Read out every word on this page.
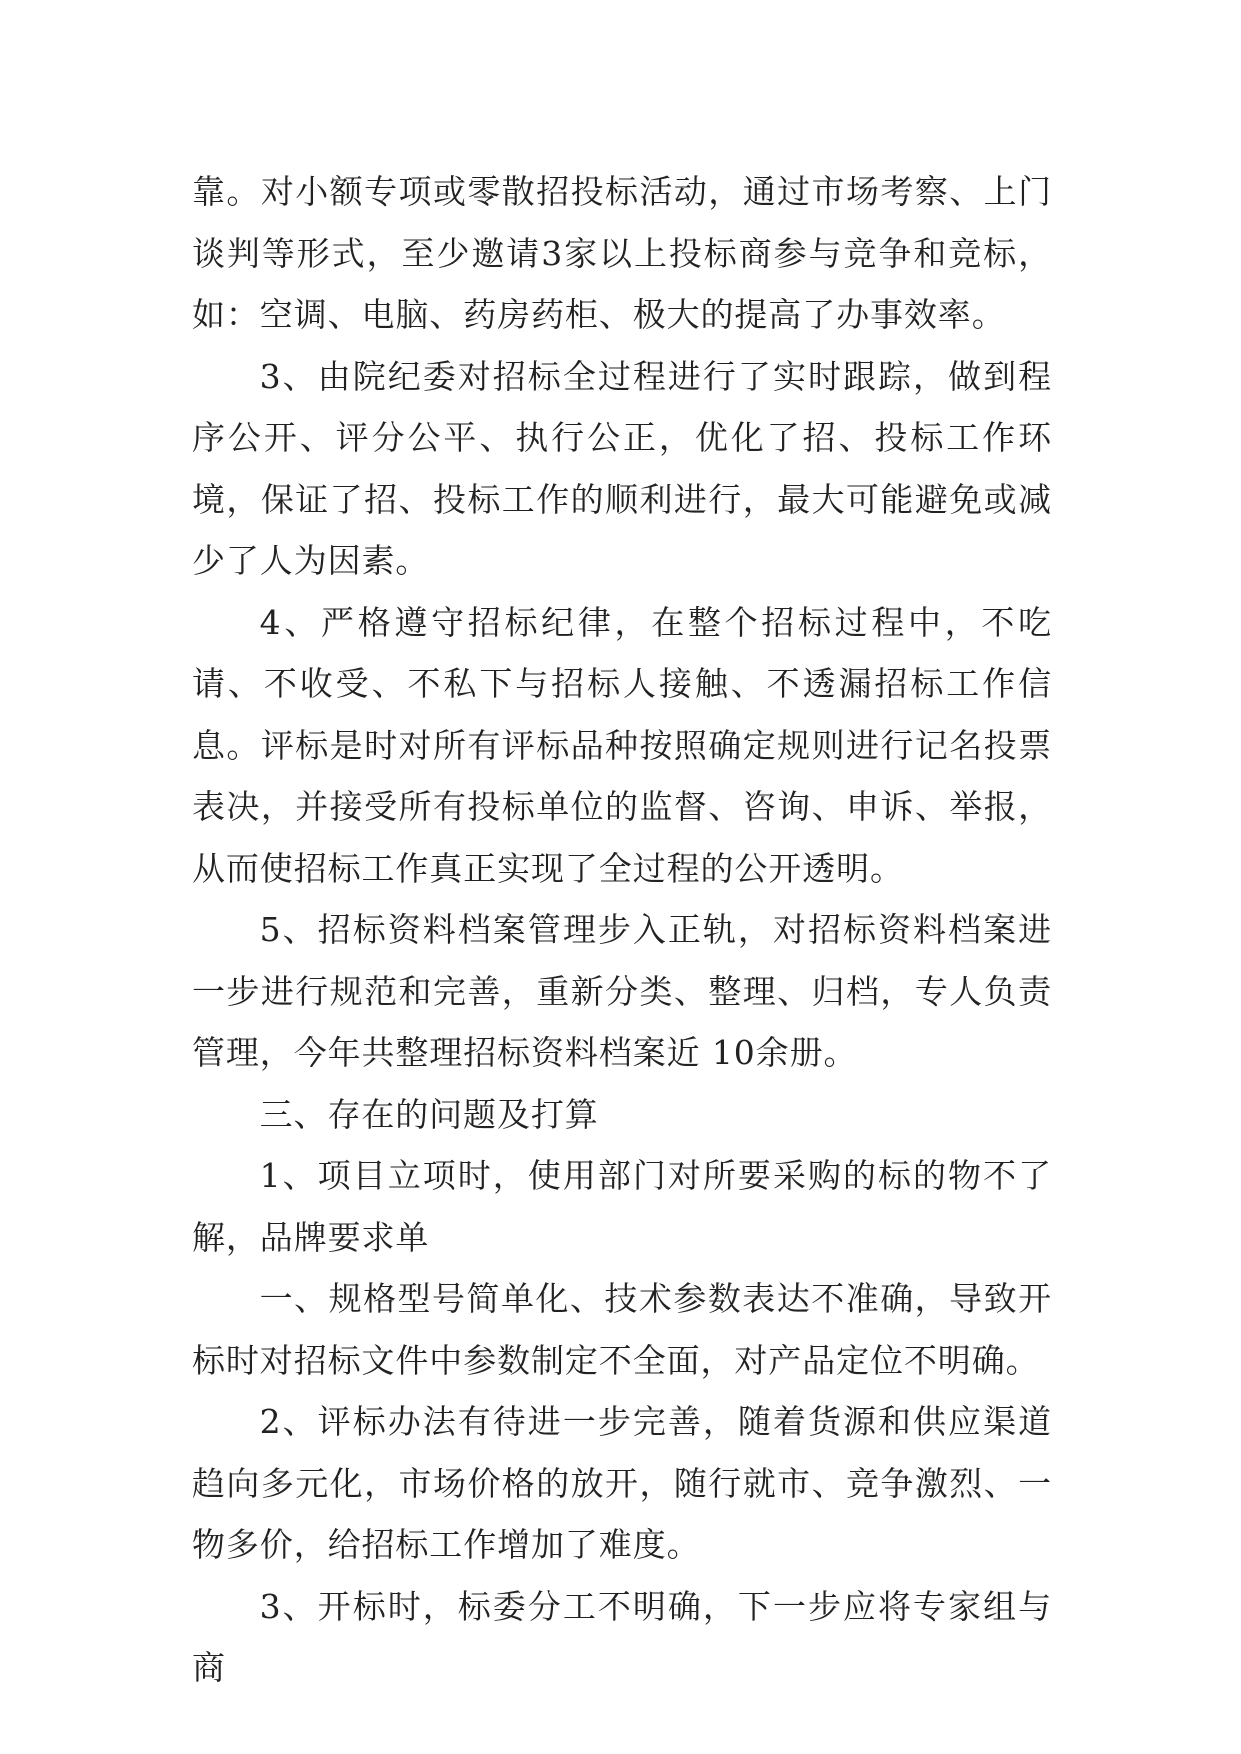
靠。对小额专项或零散招投标活动，通过市场考察、上门谈判等形式，至少邀请3家以上投标商参与竞争和竞标，如：空调、电脑、药房药柜、极大的提高了办事效率。

3、由院纪委对招标全过程进行了实时跟踪，做到程序公开、评分公平、执行公正，优化了招、投标工作环境，保证了招、投标工作的顺利进行，最大可能避免或减少了人为因素。

4、严格遵守招标纪律，在整个招标过程中，不吃请、不收受、不私下与招标人接触、不透漏招标工作信息。评标是时对所有评标品种按照确定规则进行记名投票表决，并接受所有投标单位的监督、咨询、申诉、举报，从而使招标工作真正实现了全过程的公开透明。

5、招标资料档案管理步入正轨，对招标资料档案进一步进行规范和完善，重新分类、整理、归档，专人负责管理，今年共整理招标资料档案近 10余册。

三、存在的问题及打算

1、项目立项时，使用部门对所要采购的标的物不了解，品牌要求单

一、规格型号简单化、技术参数表达不准确，导致开标时对招标文件中参数制定不全面，对产品定位不明确。

2、评标办法有待进一步完善，随着货源和供应渠道趋向多元化，市场价格的放开，随行就市、竞争激烈、一物多价，给招标工作增加了难度。

3、开标时，标委分工不明确，下一步应将专家组与商
